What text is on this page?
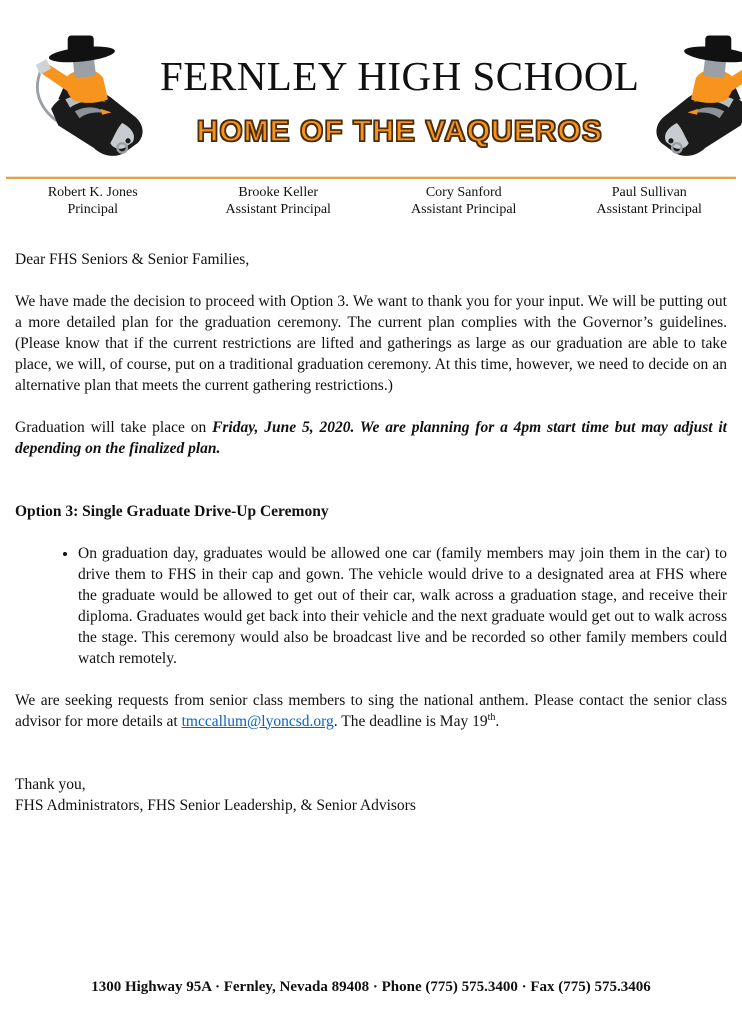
FERNLEY HIGH SCHOOL
HOME OF THE VAQUEROS
Robert K. Jones
Principal
Brooke Keller
Assistant Principal
Cory Sanford
Assistant Principal
Paul Sullivan
Assistant Principal

Dear FHS Seniors & Senior Families,

We have made the decision to proceed with Option 3. We want to thank you for your input. We will be putting out a more detailed plan for the graduation ceremony. The current plan complies with the Governor’s guidelines. (Please know that if the current restrictions are lifted and gatherings as large as our graduation are able to take place, we will, of course, put on a traditional graduation ceremony. At this time, however, we need to decide on an alternative plan that meets the current gathering restrictions.)

Graduation will take place on Friday, June 5, 2020. We are planning for a 4pm start time but may adjust it depending on the finalized plan.

Option 3: Single Graduate Drive-Up Ceremony

• On graduation day, graduates would be allowed one car (family members may join them in the car) to drive them to FHS in their cap and gown. The vehicle would drive to a designated area at FHS where the graduate would be allowed to get out of their car, walk across a graduation stage, and receive their diploma. Graduates would get back into their vehicle and the next graduate would get out to walk across the stage. This ceremony would also be broadcast live and be recorded so other family members could watch remotely.

We are seeking requests from senior class members to sing the national anthem. Please contact the senior class advisor for more details at tmccallum@lyoncsd.org. The deadline is May 19th.

Thank you,
FHS Administrators, FHS Senior Leadership, & Senior Advisors
1300 Highway 95A · Fernley, Nevada 89408 · Phone (775) 575.3400 · Fax (775) 575.3406
